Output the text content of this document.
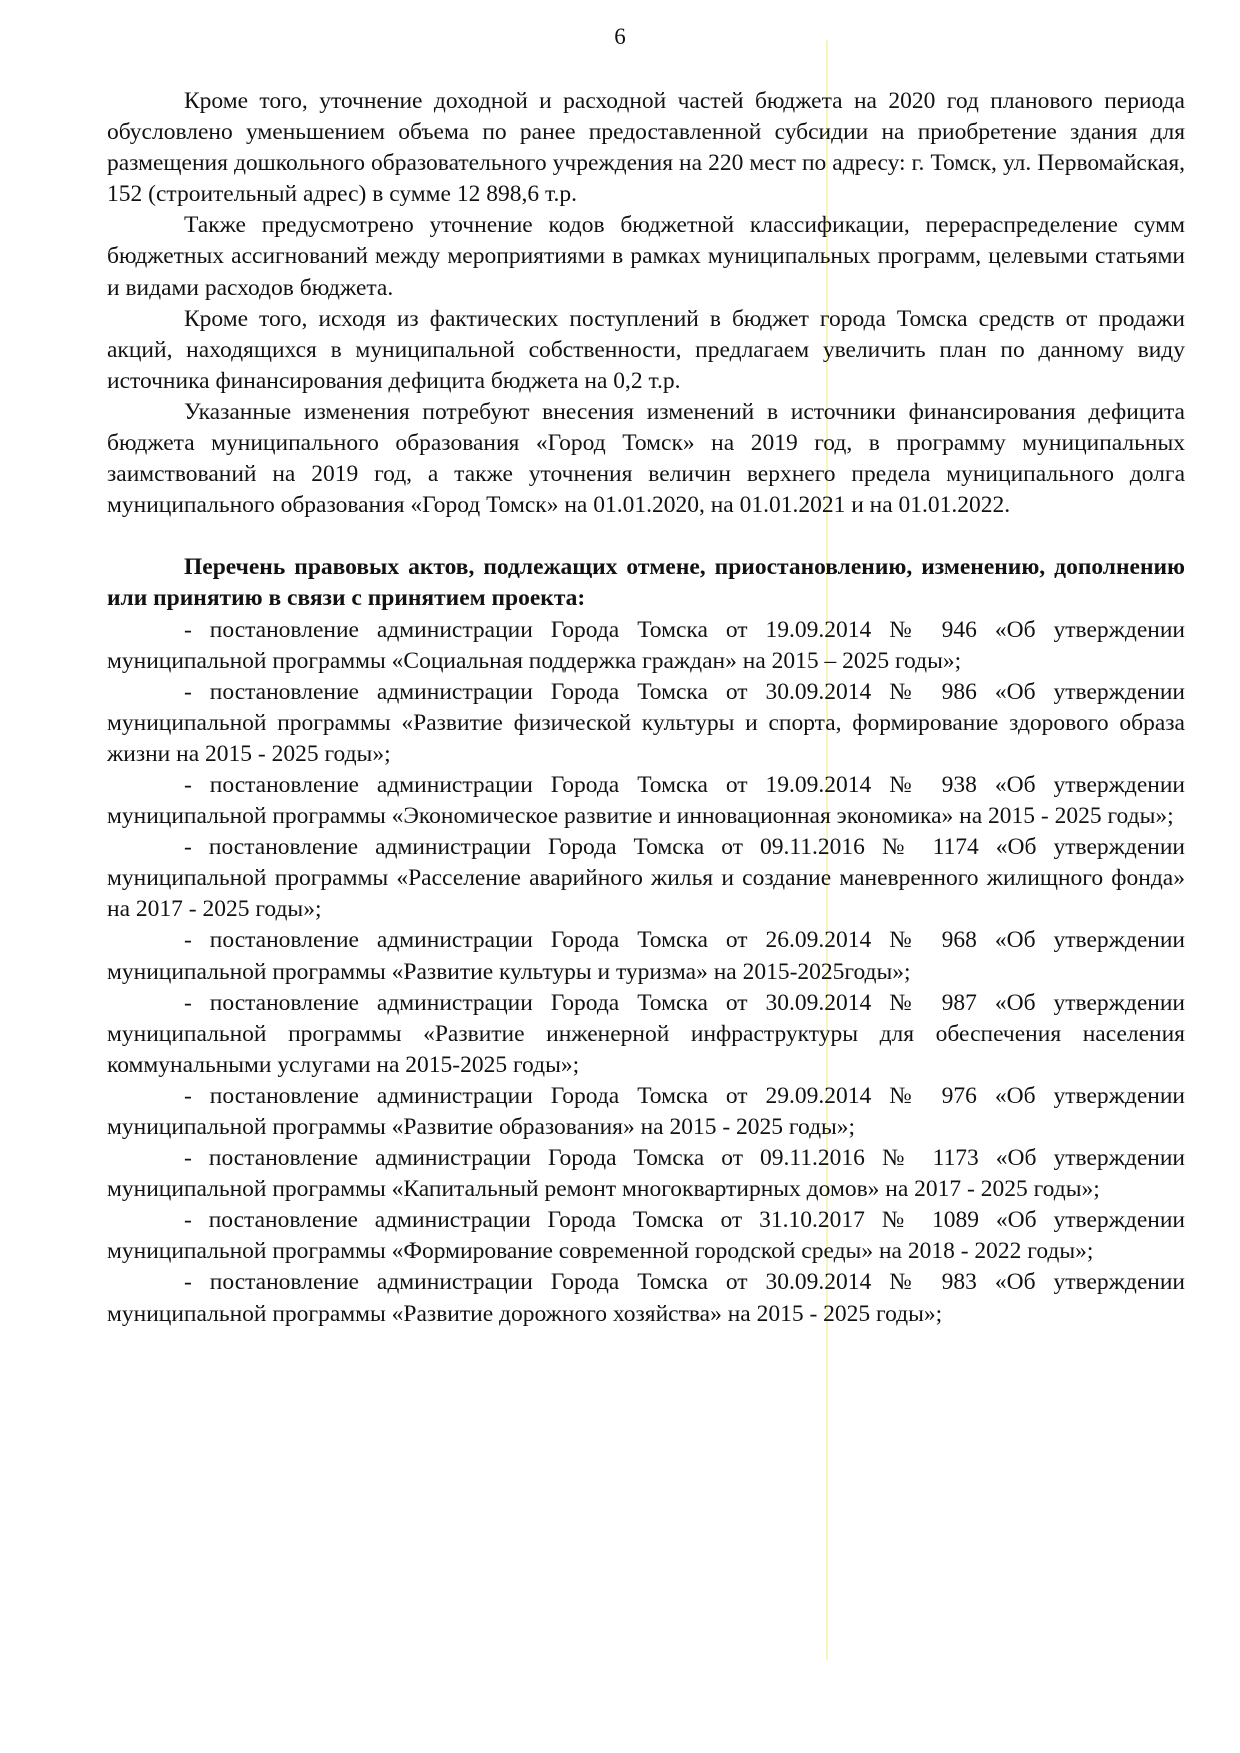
6

Кроме того, уточнение доходной и расходной частей бюджета на 2020 год планового периода обусловлено уменьшением объема по ранее предоставленной субсидии на приобретение здания для размещения дошкольного образовательного учреждения на 220 мест по адресу: г. Томск, ул. Первомайская, 152 (строительный адрес) в сумме 12 898,6 т.р.

Также предусмотрено уточнение кодов бюджетной классификации, перераспределение сумм бюджетных ассигнований между мероприятиями в рамках муниципальных программ, целевыми статьями и видами расходов бюджета.

Кроме того, исходя из фактических поступлений в бюджет города Томска средств от продажи акций, находящихся в муниципальной собственности, предлагаем увеличить план по данному виду источника финансирования дефицита бюджета на 0,2 т.р.

Указанные изменения потребуют внесения изменений в источники финансирования дефицита бюджета муниципального образования «Город Томск» на 2019 год, в программу муниципальных заимствований на 2019 год, а также уточнения величин верхнего предела муниципального долга муниципального образования «Город Томск» на 01.01.2020, на 01.01.2021 и на 01.01.2022.

Перечень правовых актов, подлежащих отмене, приостановлению, изменению, дополнению или принятию в связи с принятием проекта:

- постановление администрации Города Томска от 19.09.2014 № 946 «Об утверждении муниципальной программы «Социальная поддержка граждан» на 2015 – 2025 годы»;

- постановление администрации Города Томска от 30.09.2014 № 986 «Об утверждении муниципальной программы «Развитие физической культуры и спорта, формирование здорового образа жизни на 2015 - 2025 годы»;

- постановление администрации Города Томска от 19.09.2014 № 938 «Об утверждении муниципальной программы «Экономическое развитие и инновационная экономика» на 2015 - 2025 годы»;

- постановление администрации Города Томска от 09.11.2016 № 1174 «Об утверждении муниципальной программы «Расселение аварийного жилья и создание маневренного жилищного фонда» на 2017 - 2025 годы»;

- постановление администрации Города Томска от 26.09.2014 № 968 «Об утверждении муниципальной программы «Развитие культуры и туризма» на 2015-2025годы»;

- постановление администрации Города Томска от 30.09.2014 № 987 «Об утверждении муниципальной программы «Развитие инженерной инфраструктуры для обеспечения населения коммунальными услугами на 2015-2025 годы»;

- постановление администрации Города Томска от 29.09.2014 № 976 «Об утверждении муниципальной программы «Развитие образования» на 2015 - 2025 годы»;

- постановление администрации Города Томска от 09.11.2016 № 1173 «Об утверждении муниципальной программы «Капитальный ремонт многоквартирных домов» на 2017 - 2025 годы»;

- постановление администрации Города Томска от 31.10.2017 № 1089 «Об утверждении муниципальной программы «Формирование современной городской среды» на 2018 - 2022 годы»;

- постановление администрации Города Томска от 30.09.2014 № 983 «Об утверждении муниципальной программы «Развитие дорожного хозяйства» на 2015 - 2025 годы»;
